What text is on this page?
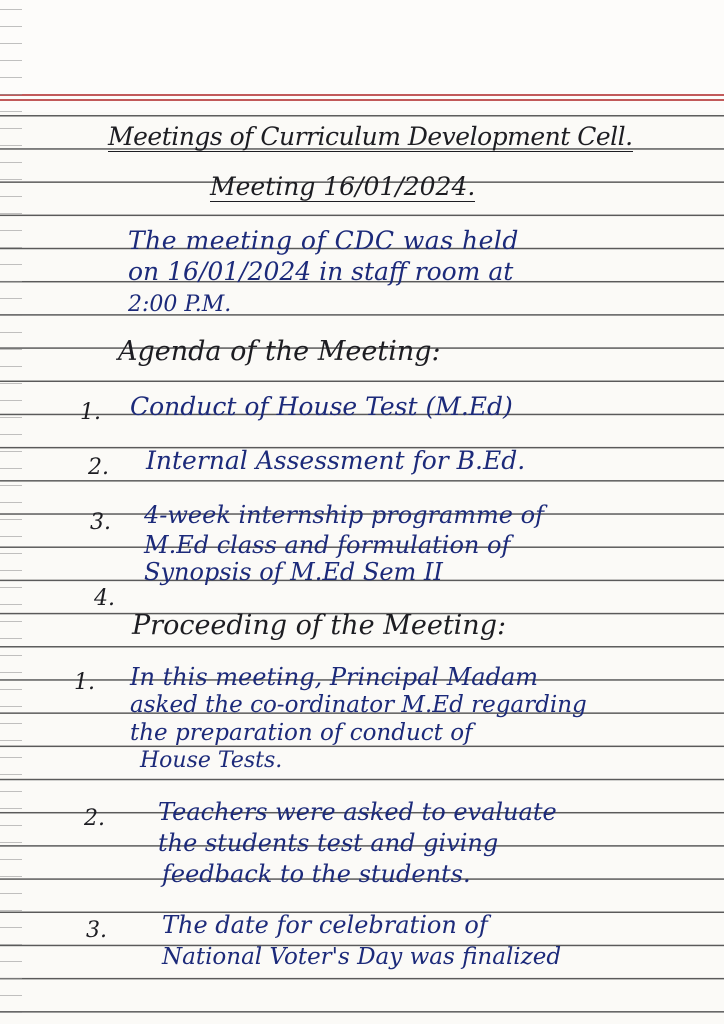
Meetings of Curriculum Development Cell.
Meeting 16/01/2024.
The meeting of CDC was held
on 16/01/2024 in staff room at
2:00 P.M.
Agenda of the Meeting:
1. Conduct of House Test (M.Ed)
2. Internal Assessment for B.Ed.
3. 4-week internship programme of
M.Ed class and formulation of
Synopsis of M.Ed Sem II
4.
Proceeding of the Meeting:
1. In this meeting, Principal Madam
asked the co-ordinator M.Ed regarding
the preparation of conduct of
House Tests.
2. Teachers were asked to evaluate
the students test and giving
feedback to the students.
3. The date for celebration of
National Voter's Day was finalized
